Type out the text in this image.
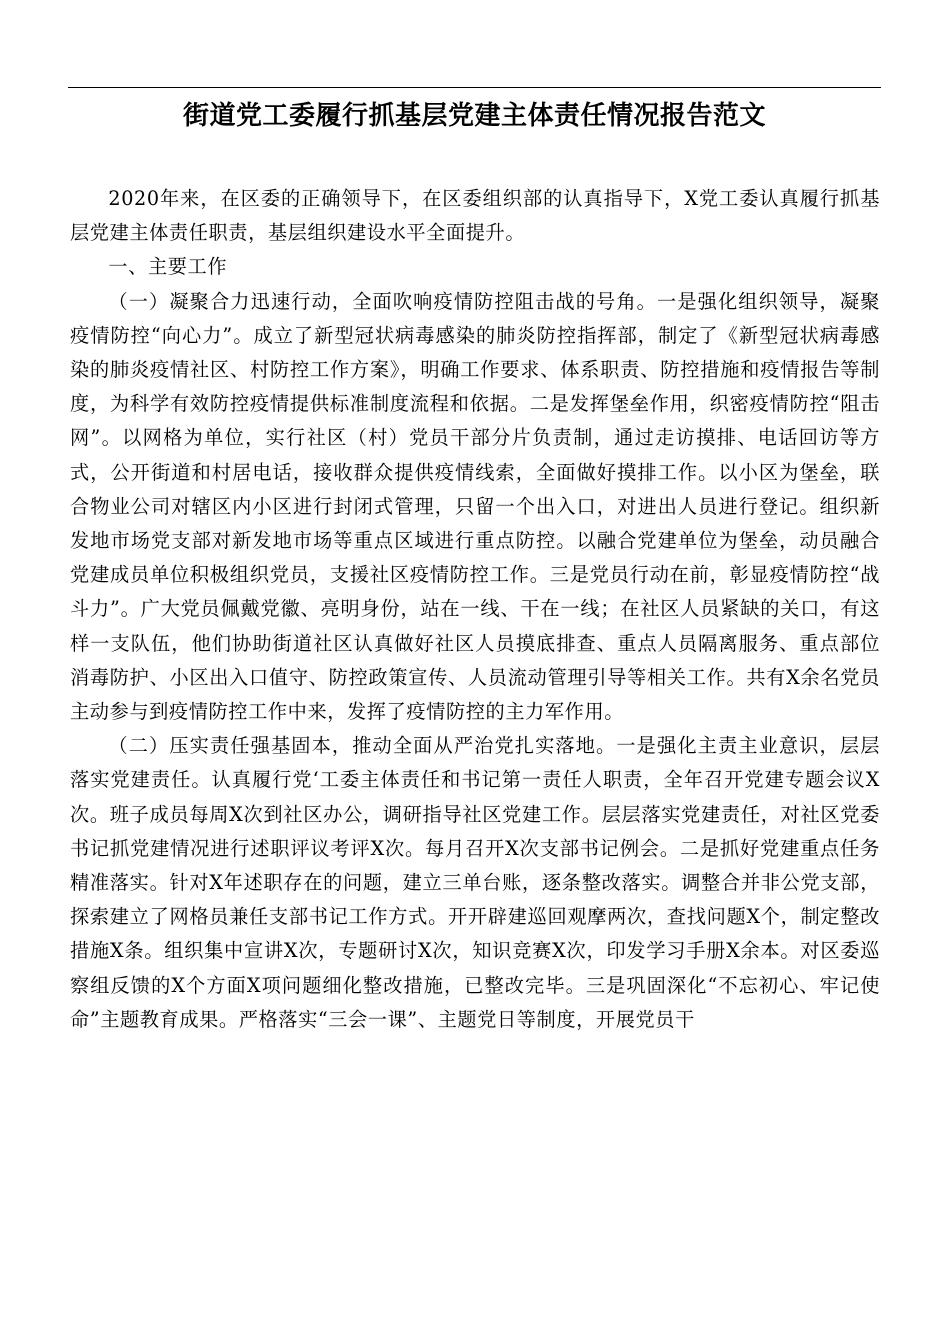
街道党工委履行抓基层党建主体责任情况报告范文

2020年来，在区委的正确领导下，在区委组织部的认真指导下，X党工委认真履行抓基层党建主体责任职责，基层组织建设水平全面提升。

一、主要工作

（一）凝聚合力迅速行动，全面吹响疫情防控阻击战的号角。一是强化组织领导，凝聚疫情防控“向心力”。成立了新型冠状病毒感染的肺炎防控指挥部，制定了《新型冠状病毒感染的肺炎疫情社区、村防控工作方案》，明确工作要求、体系职责、防控措施和疫情报告等制度，为科学有效防控疫情提供标准制度流程和依据。二是发挥堡垒作用，织密疫情防控“阻击网”。以网格为单位，实行社区（村）党员干部分片负责制，通过走访摸排、电话回访等方式，公开街道和村居电话，接收群众提供疫情线索，全面做好摸排工作。以小区为堡垒，联合物业公司对辖区内小区进行封闭式管理，只留一个出入口，对进出人员进行登记。组织新发地市场党支部对新发地市场等重点区域进行重点防控。以融合党建单位为堡垒，动员融合党建成员单位积极组织党员，支援社区疫情防控工作。三是党员行动在前，彰显疫情防控“战斗力”。广大党员佩戴党徽、亮明身份，站在一线、干在一线；在社区人员紧缺的关口，有这样一支队伍，他们协助街道社区认真做好社区人员摸底排查、重点人员隔离服务、重点部位消毒防护、小区出入口值守、防控政策宣传、人员流动管理引导等相关工作。共有X余名党员主动参与到疫情防控工作中来，发挥了疫情防控的主力军作用。

（二）压实责任强基固本，推动全面从严治党扎实落地。一是强化主责主业意识，层层落实党建责任。认真履行党‘工委主体责任和书记第一责任人职责，全年召开党建专题会议X次。班子成员每周X次到社区办公，调研指导社区党建工作。层层落实党建责任，对社区党委书记抓党建情况进行述职评议考评X次。每月召开X次支部书记例会。二是抓好党建重点任务精准落实。针对X年述职存在的问题，建立三单台账，逐条整改落实。调整合并非公党支部，探索建立了网格员兼任支部书记工作方式。开开辟建巡回观摩两次，查找问题X个，制定整改措施X条。组织集中宣讲X次，专题研讨X次，知识竞赛X次，印发学习手册X余本。对区委巡察组反馈的X个方面X项问题细化整改措施，已整改完毕。三是巩固深化“不忘初心、牢记使命”主题教育成果。严格落实“三会一课”、主题党日等制度，开展党员干
